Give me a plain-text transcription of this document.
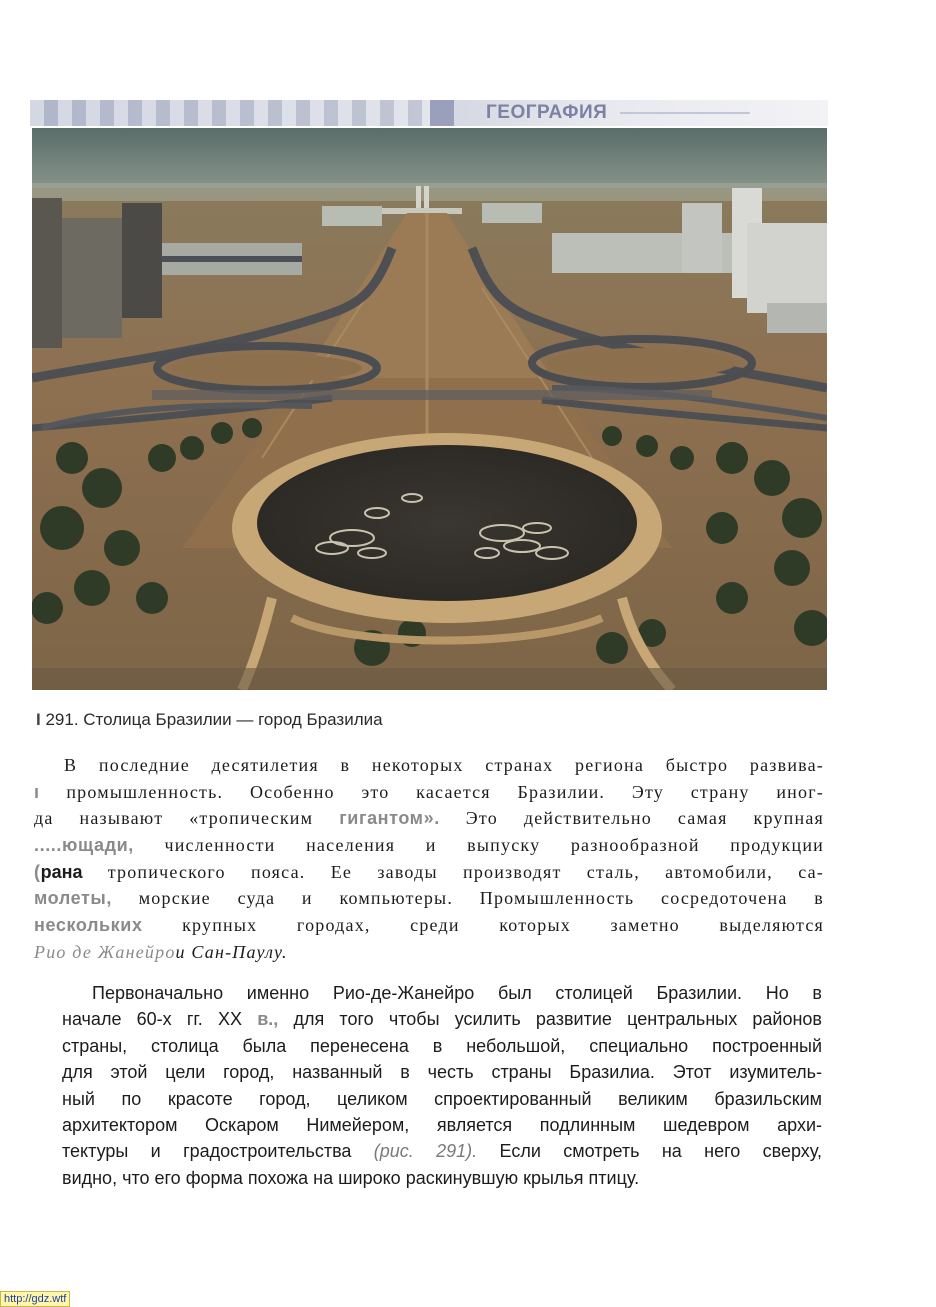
ГЕОГРАФИЯ
I 291. Столица Бразилии — город Бразилиа
В последние десятилетия в некоторых странах региона быстро развива-
ı промышленность. Особенно это касается Бразилии. Эту страну иног-
да называют «тропическим гигантом». Это действительно самая крупная
.....ющади, численности населения и выпуску разнообразной продукции
(рана тропического пояса. Ее заводы производят сталь, автомобили, са-
молеты, морские суда и компьютеры. Промышленность сосредоточена в
нескольких крупных городах, среди которых заметно выделяются
Рио де Жанейрои Сан-Паулу.
Первоначально именно Рио-де-Жанейро был столицей Бразилии. Но в
начале 60-х гг. XX в., для того чтобы усилить развитие центральных районов
страны, столица была перенесена в небольшой, специально построенный
для этой цели город, названный в честь страны Бразилиа. Этот изумитель-
ный по красоте город, целиком спроектированный великим бразильским
архитектором Оскаром Нимейером, является подлинным шедевром архи-
тектуры и градостроительства (рис. 291). Если смотреть на него сверху,
видно, что его форма похожа на широко раскинувшую крылья птицу.
http://gdz.wtf
